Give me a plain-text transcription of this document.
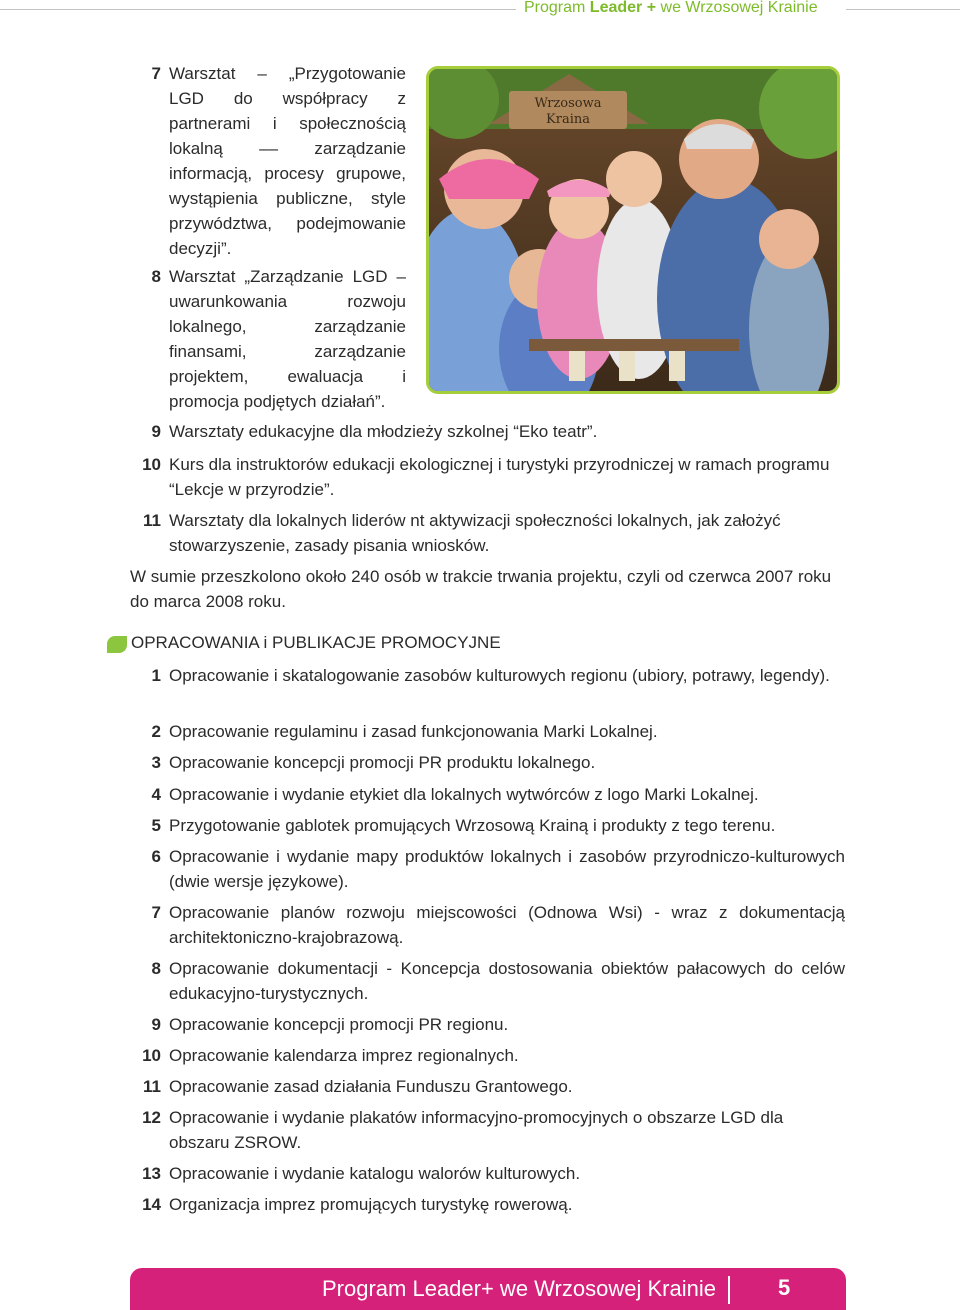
Program Leader + we Wrzosowej Krainie
7 Warsztat – „Przygotowanie LGD do współpracy z partnerami i społecznością lokalną –– zarządzanie informacją, procesy grupowe, wystąpienia publiczne, style przywództwa, podejmowanie decyzji”.
8 Warsztat „Zarządzanie LGD – uwarunkowania rozwoju lokalnego, zarządzanie finansami, zarządzanie projektem, ewaluacja i promocja podjętych działań”.
9 Warsztaty edukacyjne dla młodzieży szkolnej “Eko teatr”.
10 Kurs dla instruktorów edukacji ekologicznej i turystyki przyrodniczej w ramach programu “Lekcje w przyrodzie”.
11 Warsztaty dla lokalnych liderów nt aktywizacji społeczności lokalnych, jak założyć stowarzyszenie, zasady pisania wniosków.
Wrzosowa
Kraina
W sumie przeszkolono około 240 osób w trakcie trwania projektu, czyli od czerwca 2007 roku do marca 2008 roku.
OPRACOWANIA i PUBLIKACJE PROMOCYJNE
1 Opracowanie i skatalogowanie zasobów kulturowych regionu (ubiory, potrawy, legendy).
2 Opracowanie regulaminu i zasad funkcjonowania Marki Lokalnej.
3 Opracowanie koncepcji promocji PR produktu lokalnego.
4 Opracowanie i wydanie etykiet dla lokalnych wytwórców z logo Marki Lokalnej.
5 Przygotowanie gablotek promujących Wrzosową Krainą i produkty z tego terenu.
6 Opracowanie i wydanie mapy produktów lokalnych i zasobów przyrodniczo-kulturowych (dwie wersje językowe).
7 Opracowanie planów rozwoju miejscowości (Odnowa Wsi) - wraz z dokumentacją architektoniczno-krajobrazową.
8 Opracowanie dokumentacji - Koncepcja dostosowania obiektów pałacowych do celów edukacyjno-turystycznych.
9 Opracowanie koncepcji promocji PR regionu.
10 Opracowanie kalendarza imprez regionalnych.
11 Opracowanie zasad działania Funduszu Grantowego.
12 Opracowanie i wydanie plakatów informacyjno-promocyjnych o obszarze LGD dla obszaru ZSROW.
13 Opracowanie i wydanie katalogu walorów kulturowych.
14 Organizacja imprez promujących turystykę rowerową.
Program Leader+ we Wrzosowej Krainie	5
